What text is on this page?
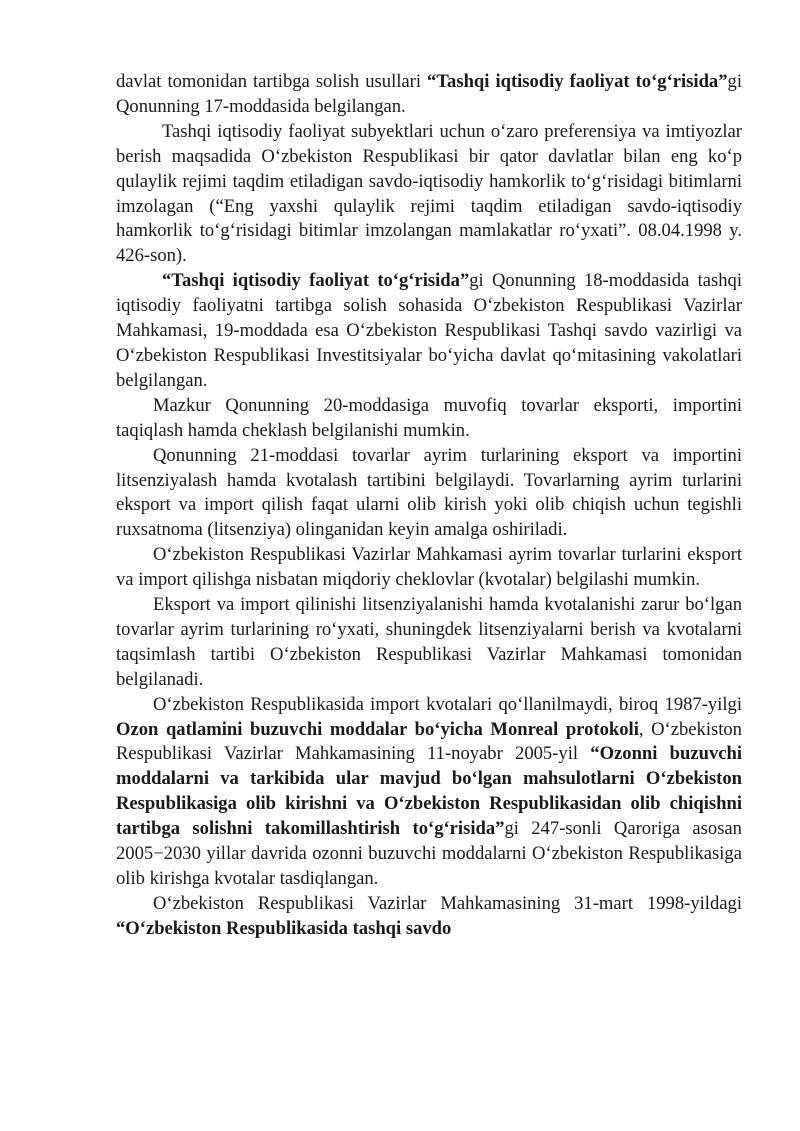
davlat tomonidan tartibga solish usullari “Tashqi iqtisodiy faoliyat to‘g‘risida”gi Qonunning 17-moddasida belgilangan.

Tashqi iqtisodiy faoliyat subyektlari uchun o‘zaro preferensiya va imtiyozlar berish maqsadida O‘zbekiston Respublikasi bir qator davlatlar bilan eng ko‘p qulaylik rejimi taqdim etiladigan savdo-iqtisodiy hamkorlik to‘g‘risidagi bitimlarni imzolagan (“Eng yaxshi qulaylik rejimi taqdim etiladigan savdo-iqtisodiy hamkorlik to‘g‘risidagi bitimlar imzolangan mamlakatlar ro‘yxati”. 08.04.1998 y. 426-son).

“Tashqi iqtisodiy faoliyat to‘g‘risida”gi Qonunning 18-moddasida tashqi iqtisodiy faoliyatni tartibga solish sohasida O‘zbekiston Respublikasi Vazirlar Mahkamasi, 19-moddada esa O‘zbekiston Respublikasi Tashqi savdo vazirligi va O‘zbekiston Respublikasi Investitsiyalar bo‘yicha davlat qo‘mitasining vakolatlari belgilangan.

Mazkur Qonunning 20-moddasiga muvofiq tovarlar eksporti, importini taqiqlash hamda cheklash belgilanishi mumkin.

Qonunning 21-moddasi tovarlar ayrim turlarining eksport va importini litsenziyalash hamda kvotalash tartibini belgilaydi. Tovarlarning ayrim turlarini eksport va import qilish faqat ularni olib kirish yoki olib chiqish uchun tegishli ruxsatnoma (litsenziya) olinganidan keyin amalga oshiriladi.

O‘zbekiston Respublikasi Vazirlar Mahkamasi ayrim tovarlar turlarini eksport va import qilishga nisbatan miqdoriy cheklovlar (kvotalar) belgilashi mumkin.

Eksport va import qilinishi litsenziyalanishi hamda kvotalanishi zarur bo‘lgan tovarlar ayrim turlarining ro‘yxati, shuningdek litsenziyalarni berish va kvotalarni taqsimlash tartibi O‘zbekiston Respublikasi Vazirlar Mahkamasi tomonidan belgilanadi.

O‘zbekiston Respublikasida import kvotalari qo‘llanilmaydi, biroq 1987-yilgi Ozon qatlamini buzuvchi moddalar bo‘yicha Monreal protokoli, O‘zbekiston Respublikasi Vazirlar Mahkamasining 11-noyabr 2005-yil “Ozonni buzuvchi moddalarni va tarkibida ular mavjud bo‘lgan mahsulotlarni O‘zbekiston Respublikasiga olib kirishni va O‘zbekiston Respublikasidan olib chiqishni tartibga solishni takomillashtirish to‘g‘risida”gi 247-sonli Qaroriga asosan 2005−2030 yillar davrida ozonni buzuvchi moddalarni O‘zbekiston Respublikasiga olib kirishga kvotalar tasdiqlangan.

O‘zbekiston Respublikasi Vazirlar Mahkamasining 31-mart 1998-yildagi “O‘zbekiston Respublikasida tashqi savdo
